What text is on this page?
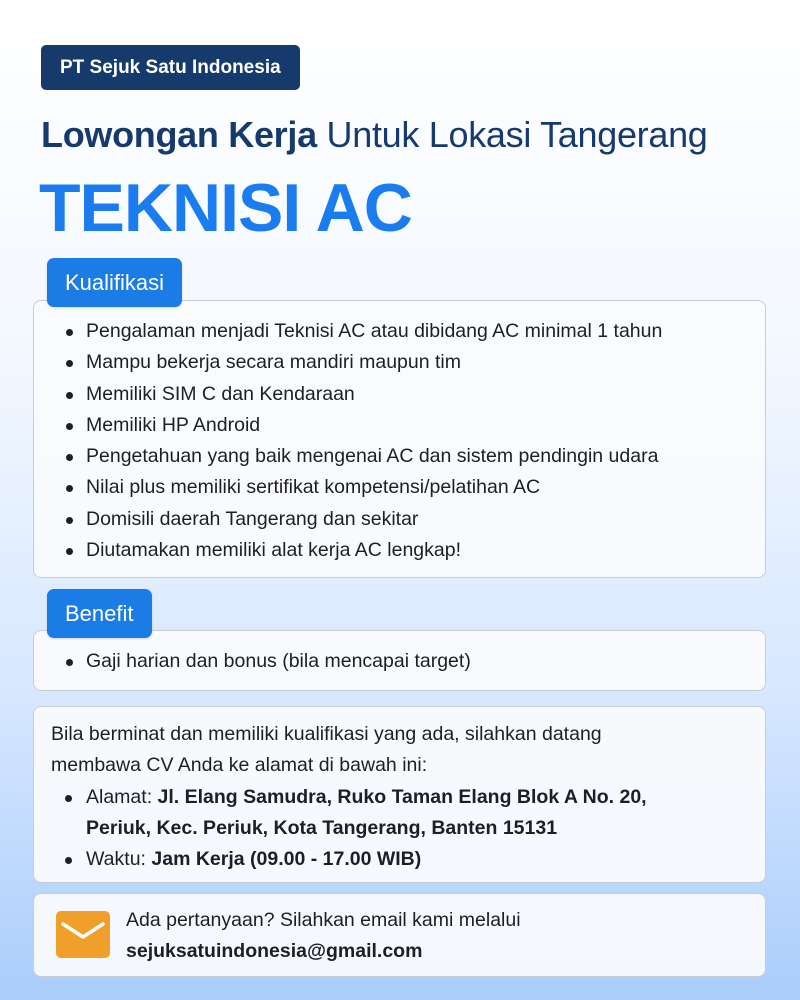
PT Sejuk Satu Indonesia
Lowongan Kerja Untuk Lokasi Tangerang
TEKNISI AC
Pengalaman menjadi Teknisi AC atau dibidang AC minimal 1 tahun
Mampu bekerja secara mandiri maupun tim
Memiliki SIM C dan Kendaraan
Memiliki HP Android
Pengetahuan yang baik mengenai AC dan sistem pendingin udara
Nilai plus memiliki sertifikat kompetensi/pelatihan AC
Domisili daerah Tangerang dan sekitar
Diutamakan memiliki alat kerja AC lengkap!
Kualifikasi
Gaji harian dan bonus (bila mencapai target)
Benefit

Bila berminat dan memiliki kualifikasi yang ada, silahkan datang
membawa CV Anda ke alamat di bawah ini:

Alamat: Jl. Elang Samudra, Ruko Taman Elang Blok A No. 20,
Periuk, Kec. Periuk, Kota Tangerang, Banten 15131
Waktu: Jam Kerja (09.00 - 17.00 WIB)
Ada pertanyaan? Silahkan email kami melalui
sejuksatuindonesia@gmail.com
